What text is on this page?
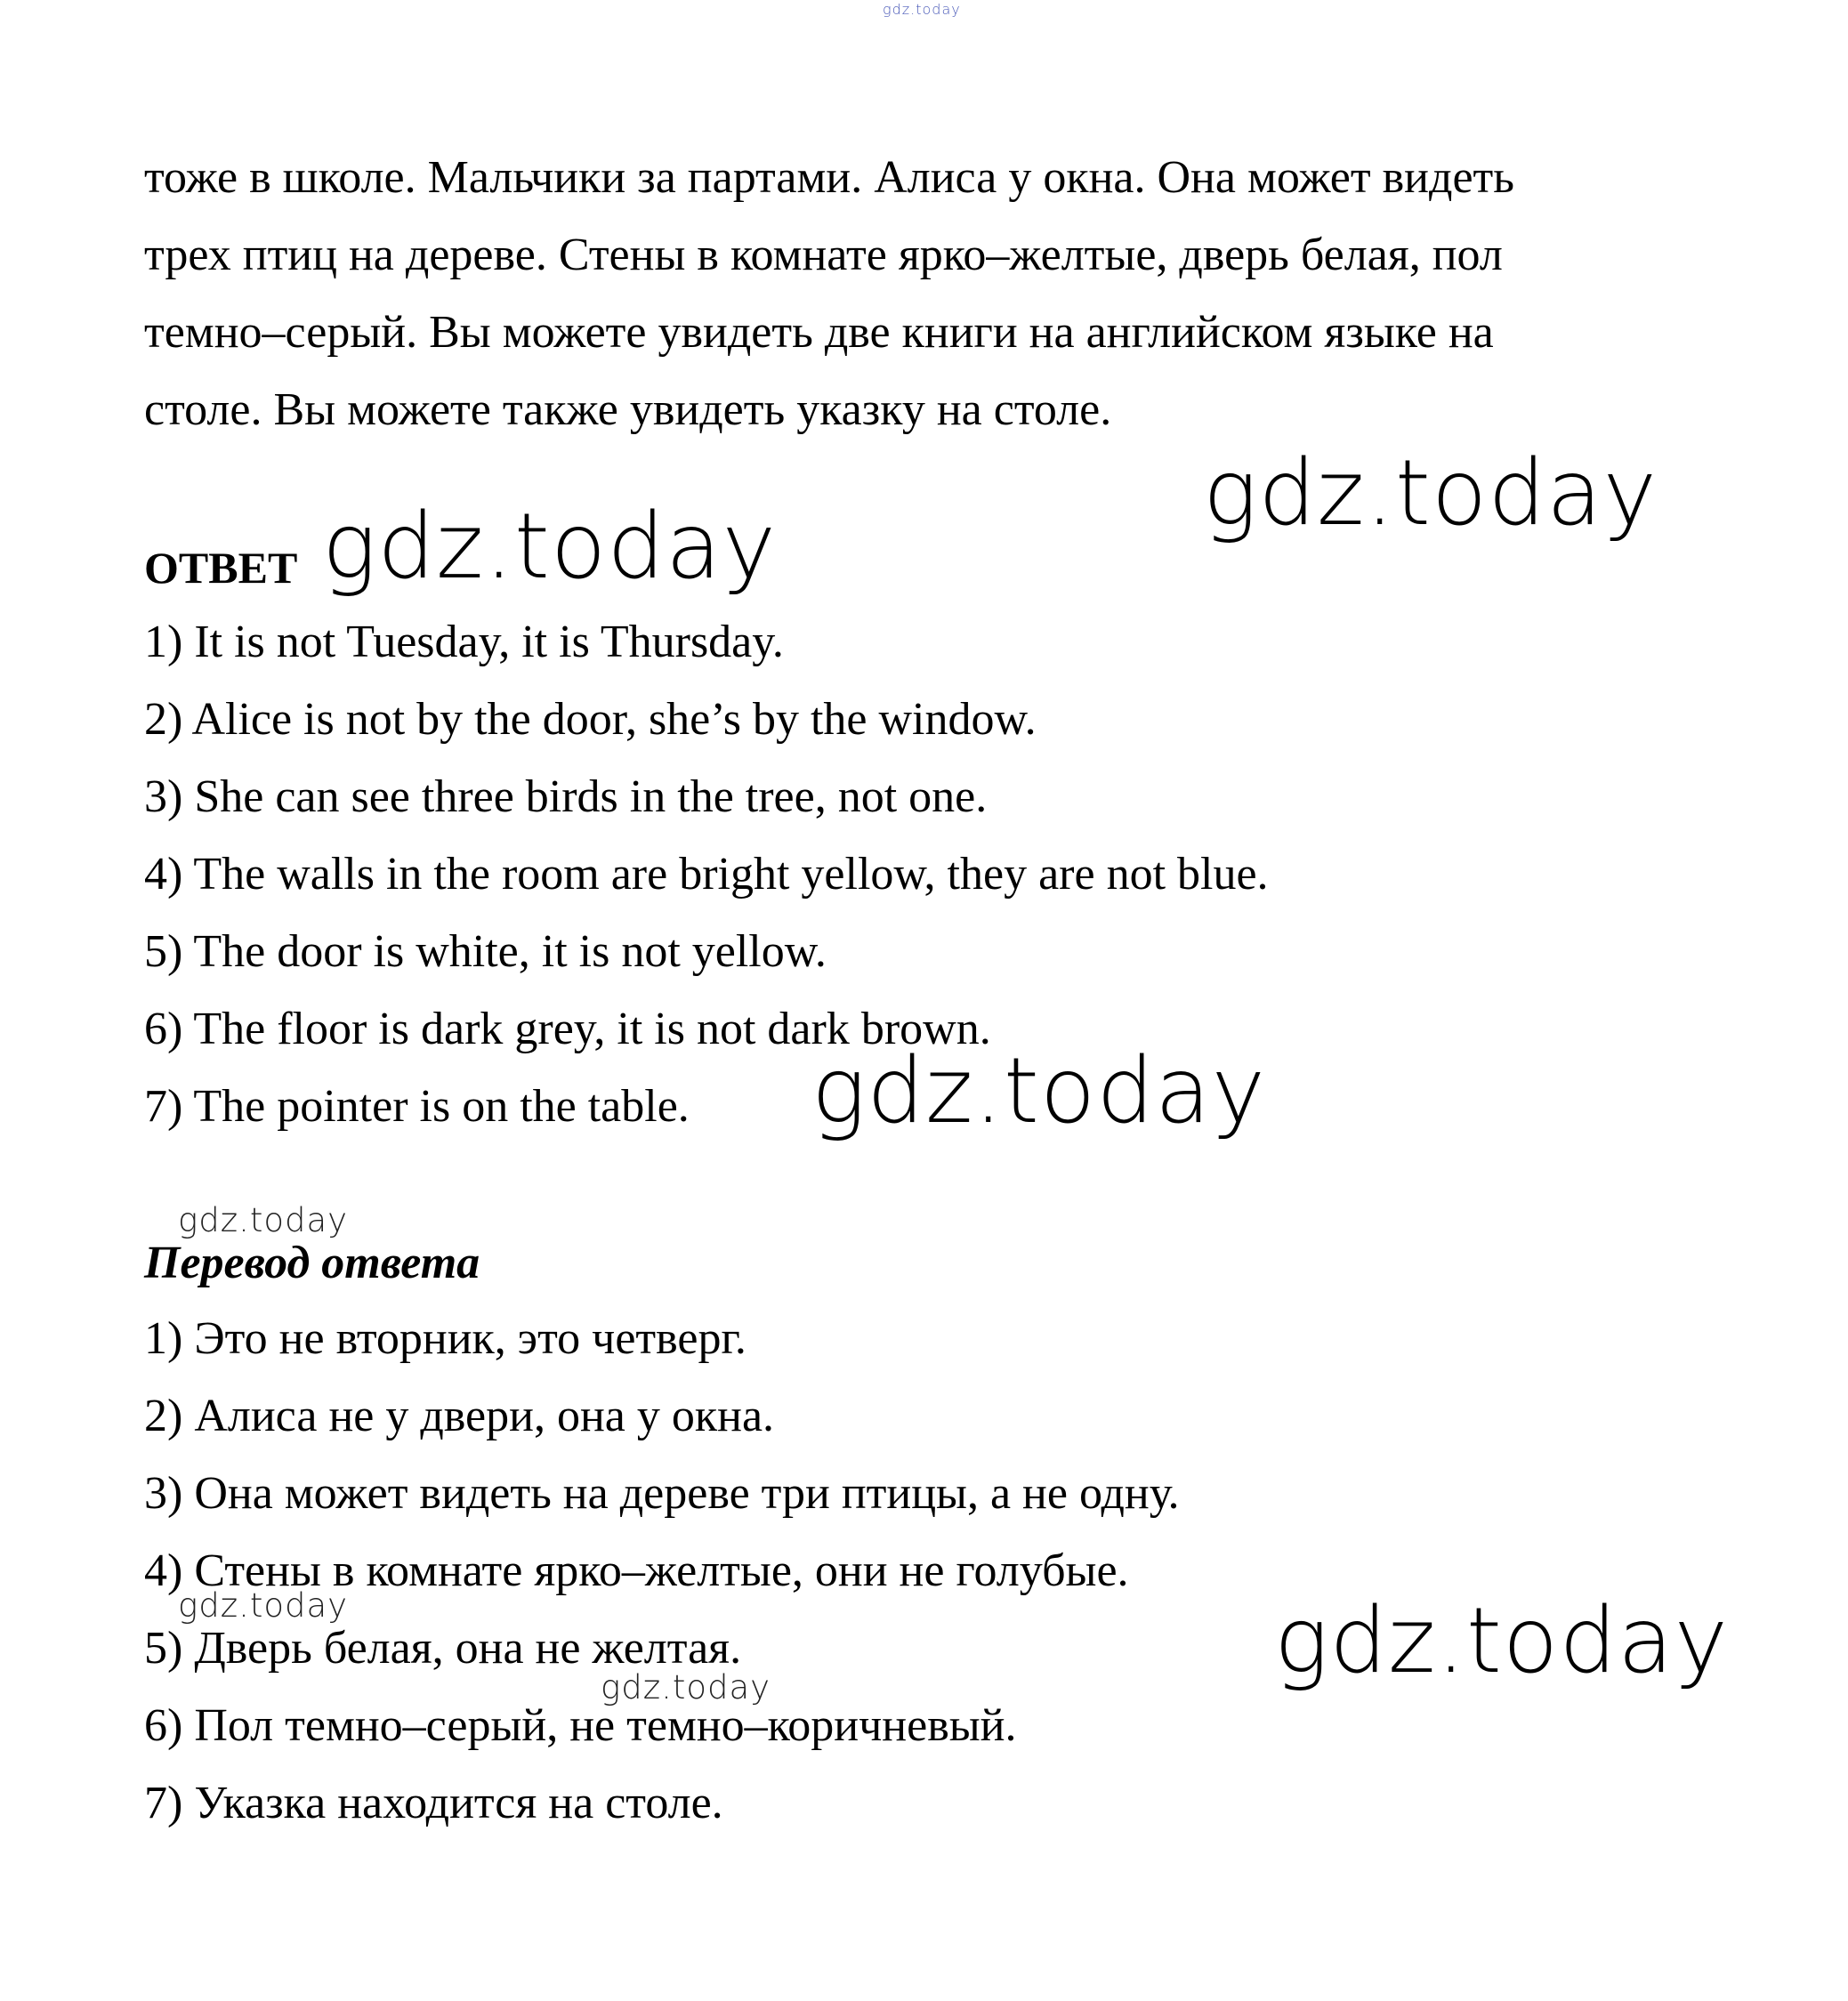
gdz.today

тоже в школе. Мальчики за партами. Алиса у окна. Она может видеть

трех птиц на дереве. Стены в комнате ярко–желтые, дверь белая, пол

темно–серый. Вы можете увидеть две книги на английском языке на

столе. Вы можете также увидеть указку на столе.

ОТВЕТ

1) It is not Tuesday, it is Thursday.

2) Alice is not by the door, she’s by the window.

3) She can see three birds in the tree, not one.

4) The walls in the room are bright yellow, they are not blue.

5) The door is white, it is not yellow.

6) The floor is dark grey, it is not dark brown.

7) The pointer is on the table.

Перевод ответа

1) Это не вторник, это четверг.

2) Алиса не у двери, она у окна.

3) Она может видеть на дереве три птицы, а не одну.

4) Стены в комнате ярко–желтые, они не голубые.

5) Дверь белая, она не желтая.

6) Пол темно–серый, не темно–коричневый.

7) Указка находится на столе.

gdz.today

gdz.today

gdz.today

gdz.today

gdz.today	gdz.today

gdz.today
